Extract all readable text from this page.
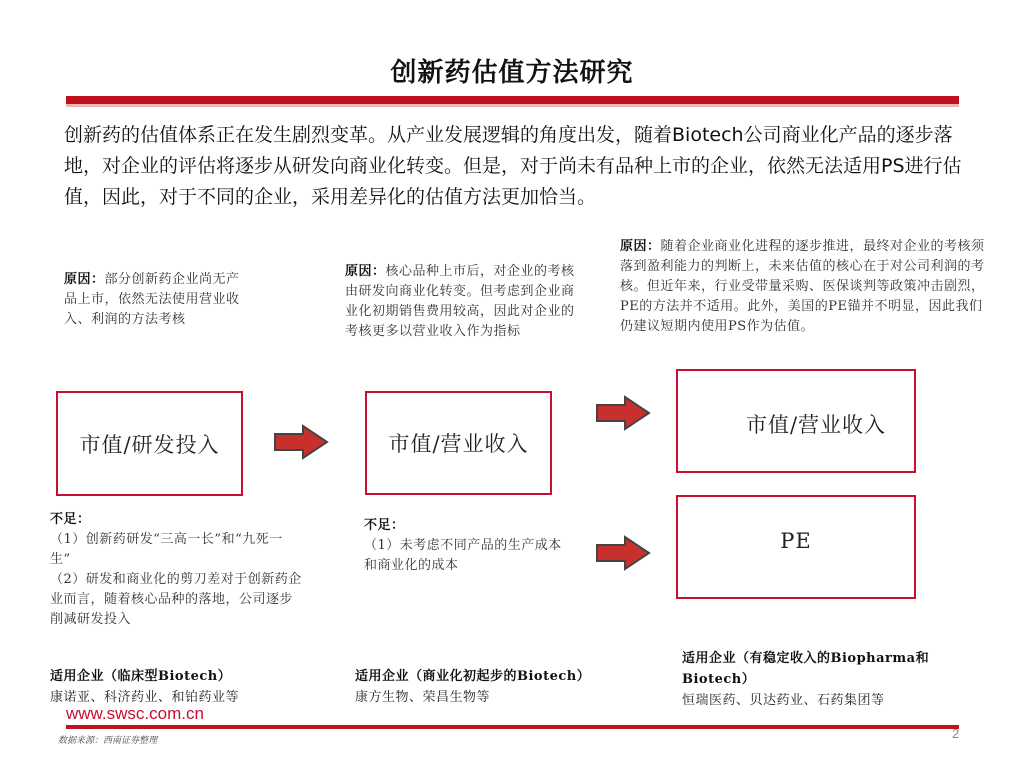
创新药估值方法研究
创新药的估值体系正在发生剧烈变革。从产业发展逻辑的角度出发，随着Biotech公司商业化产品的逐步落地，对企业的评估将逐步从研发向商业化转变。但是，对于尚未有品种上市的企业，依然无法适用PS进行估值，因此，对于不同的企业，采用差异化的估值方法更加恰当。
原因：部分创新药企业尚无产品上市，依然无法使用营业收入、利润的方法考核
市值/研发投入
不足：
（1）创新药研发“三高一长”和“九死一生”
（2）研发和商业化的剪刀差对于创新药企业而言，随着核心品种的落地，公司逐步削减研发投入
适用企业（临床型Biotech）
康诺亚、科济药业、和铂药业等
原因：核心品种上市后，对企业的考核由研发向商业化转变。但考虑到企业商业化初期销售费用较高，因此对企业的考核更多以营业收入作为指标
市值/营业收入
不足：
（1）未考虑不同产品的生产成本和商业化的成本
适用企业（商业化初起步的Biotech）
康方生物、荣昌生物等
原因：随着企业商业化进程的逐步推进，最终对企业的考核须落到盈利能力的判断上，未来估值的核心在于对公司利润的考核。但近年来，行业受带量采购、医保谈判等政策冲击剧烈，PE的方法并不适用。此外，美国的PE锚并不明显，因此我们仍建议短期内使用PS作为估值。
市值/营业收入
PE
适用企业（有稳定收入的Biopharma和Biotech）
恒瑞医药、贝达药业、石药集团等
www.swsc.com.cn
数据来源：西南证券整理	2
